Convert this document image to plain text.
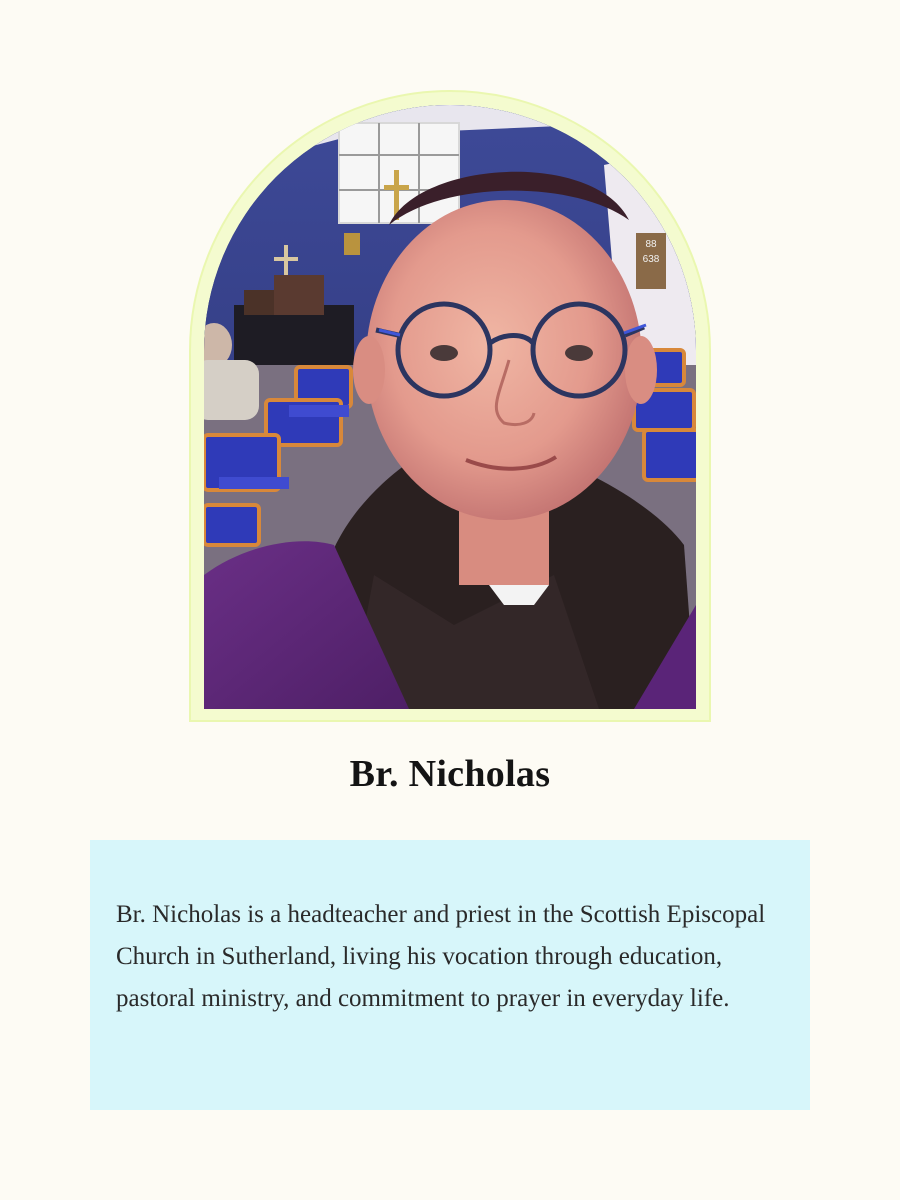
88
638
Br. Nicholas

Br. Nicholas is a headteacher and priest in the Scottish Episcopal Church in Sutherland, living his vocation through education, pastoral ministry, and commitment to prayer in everyday life.
